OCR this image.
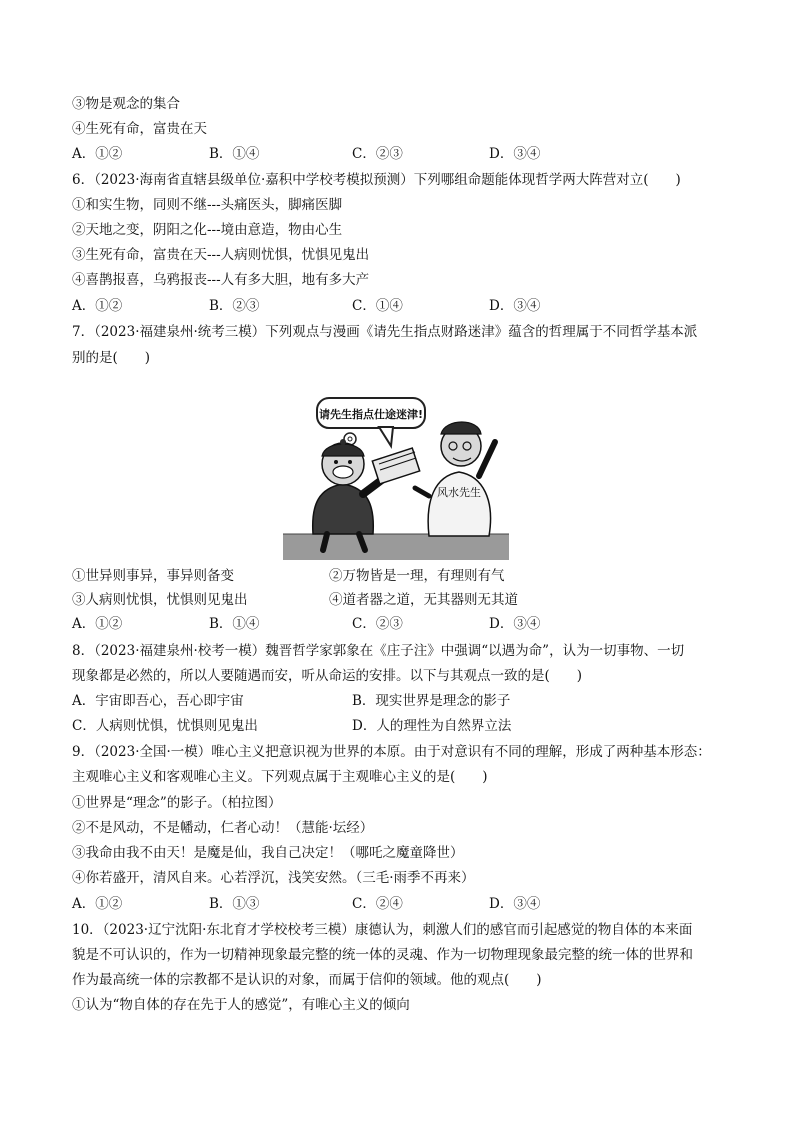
③物是观念的集合
④生死有命，富贵在天
A．①②	B．①④	C．②③	D．③④
6．（2023·海南省直辖县级单位·嘉积中学校考模拟预测）下列哪组命题能体现哲学两大阵营对立(　　)
①和实生物，同则不继---头痛医头，脚痛医脚
②天地之变，阴阳之化---境由意造，物由心生
③生死有命，富贵在天---人病则忧惧，忧惧见鬼出
④喜鹊报喜，乌鸦报丧---人有多大胆，地有多大产
A．①②	B．②③	C．①④	D．③④
7．（2023·福建泉州·统考三模）下列观点与漫画《请先生指点财路迷津》蕴含的哲理属于不同哲学基本派
别的是(　　)
请先生指点仕途迷津!
风水先生
①世异则事异，事异则备变	②万物皆是一理，有理则有气
③人病则忧惧，忧惧则见鬼出	④道者器之道，无其器则无其道
A．①②	B．①④	C．②③	D．③④
8．（2023·福建泉州·校考一模）魏晋哲学家郭象在《庄子注》中强调“以遇为命”，认为一切事物、一切
现象都是必然的，所以人要随遇而安，听从命运的安排。以下与其观点一致的是(　　)
A．宇宙即吾心，吾心即宇宙	B．现实世界是理念的影子
C．人病则忧惧，忧惧则见鬼出	D．人的理性为自然界立法
9．（2023·全国·一模）唯心主义把意识视为世界的本原。由于对意识有不同的理解，形成了两种基本形态：
主观唯心主义和客观唯心主义。下列观点属于主观唯心主义的是(　　)
①世界是“理念”的影子。（柏拉图）
②不是风动，不是幡动，仁者心动！（慧能·坛经）
③我命由我不由天！是魔是仙，我自己决定！（哪吒之魔童降世）
④你若盛开，清风自来。心若浮沉，浅笑安然。（三毛·雨季不再来）
A．①②	B．①③	C．②④	D．③④
10．（2023·辽宁沈阳·东北育才学校校考三模）康德认为，刺激人们的感官而引起感觉的物自体的本来面
貌是不可认识的，作为一切精神现象最完整的统一体的灵魂、作为一切物理现象最完整的统一体的世界和
作为最高统一体的宗教都不是认识的对象，而属于信仰的领域。他的观点(　　)
①认为“物自体的存在先于人的感觉”，有唯心主义的倾向
